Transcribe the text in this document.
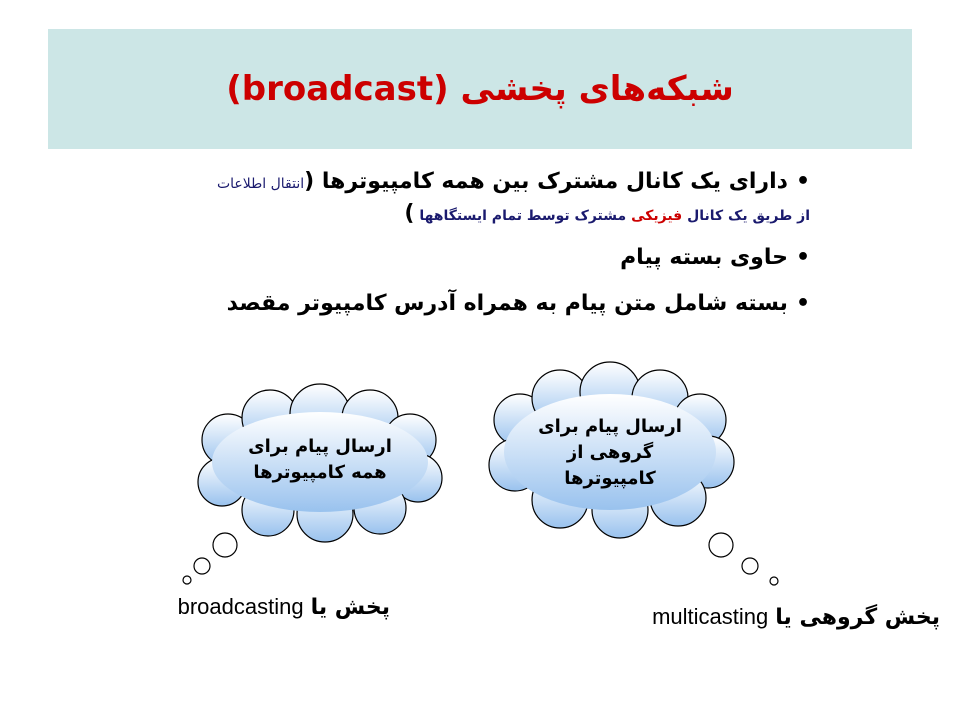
شبکه‌های پخشی (broadcast)
•دارای یک کانال مشترک بین همه کامپیوترها (انتقال اطلاعات
از طریق یک کانال فیزیکی مشترک توسط تمام ایستگاهها )
•حاوی بسته پیام
•بسته شامل متن پیام به همراه آدرس کامپیوتر مقصد
ارسال پیام برای
همه کامپیوترها
ارسال پیام برای
گروهی از
کامپیوترها
پخش یا broadcasting	پخش گروهی یا multicasting
